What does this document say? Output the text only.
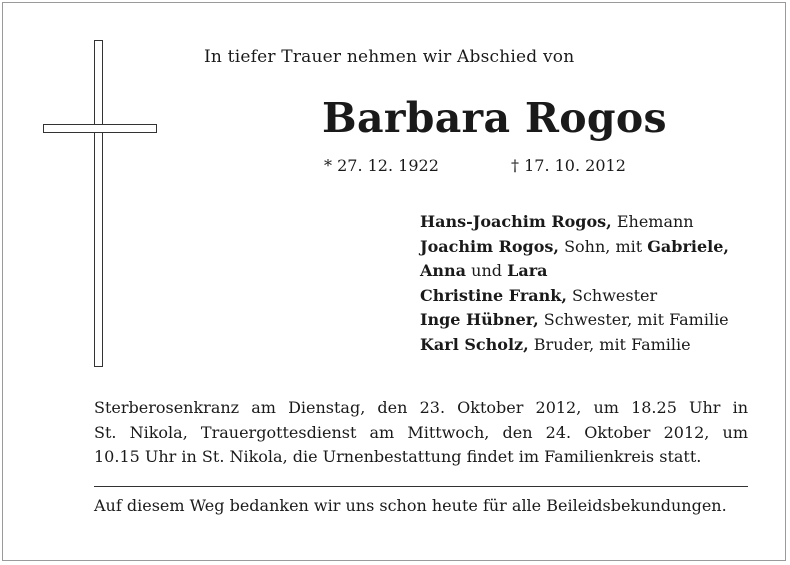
In tiefer Trauer nehmen wir Abschied von
Barbara Rogos
* 27. 12. 1922	† 17. 10. 2012
Hans-Joachim Rogos, Ehemann
Joachim Rogos, Sohn, mit Gabriele,
Anna und Lara
Christine Frank, Schwester
Inge Hübner, Schwester, mit Familie
Karl Scholz, Bruder, mit Familie
Sterberosenkranz am Dienstag, den 23. Oktober 2012, um 18.25 Uhr in
St. Nikola, Trauergottesdienst am Mittwoch, den 24. Oktober 2012, um
10.15 Uhr in St. Nikola, die Urnenbestattung findet im Familienkreis statt.
Auf diesem Weg bedanken wir uns schon heute für alle Beileidsbekundungen.
